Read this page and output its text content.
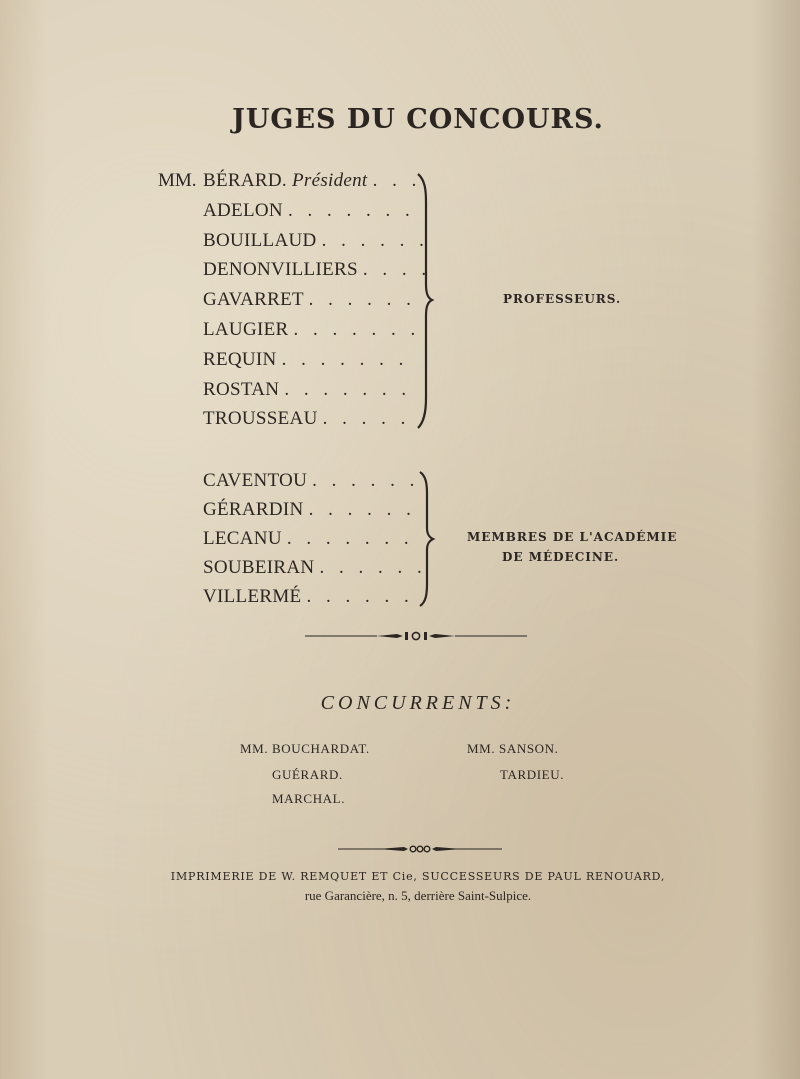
JUGES DU CONCOURS.
MM. BÉRARD. Président . . .
ADELON . . . . . . .
BOUILLAUD . . . . . .
DENONVILLIERS . . . .
GAVARRET . . . . . .
LAUGIER . . . . . . .
REQUIN . . . . . . .
ROSTAN . . . . . . .
TROUSSEAU . . . . .
PROFESSEURS.
CAVENTOU . . . . . .
GÉRARDIN . . . . . .
LECANU . . . . . . .
SOUBEIRAN . . . . . .
VILLERMÉ . . . . . .
MEMBRES DE L'ACADÉMIE
DE MÉDECINE.
CONCURRENTS:
MM. BOUCHARDAT.
GUÉRARD.
MARCHAL.
MM. SANSON.
TARDIEU.
IMPRIMERIE DE W. REMQUET ET Cie, SUCCESSEURS DE PAUL RENOUARD,
rue Garancière, n. 5, derrière Saint-Sulpice.
